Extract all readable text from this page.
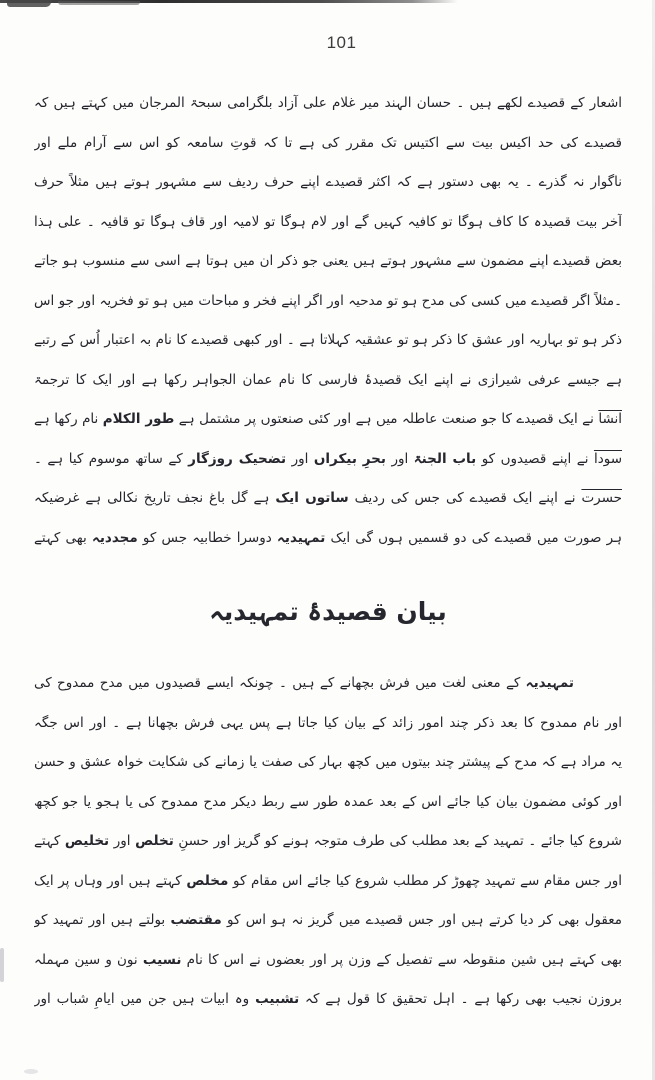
101
اشعار کے قصیدے لکھے ہیں ۔ حسان الہند میر غلام علی آزاد بلگرامی سبحۃ المرجان میں کہتے ہیں کہ
قصیدے کی حد اکیس بیت سے اکتیس تک مقرر کی ہے تا کہ قوتِ سامعہ کو اس سے آرام ملے اور
ناگوار نہ گذرے ۔ یہ بھی دستور ہے کہ اکثر قصیدے اپنے حرف ردیف سے مشہور ہوتے ہیں مثلاً حرف
آخر بیت قصیدہ کا کاف ہوگا تو کافیہ کہیں گے اور لام ہوگا تو لامیہ اور قاف ہوگا تو قافیہ ۔ علی ہذا
بعض قصیدے اپنے مضمون سے مشہور ہوتے ہیں یعنی جو ذکر ان میں ہوتا ہے اسی سے منسوب ہو جاتے
۔مثلاً اگر قصیدے میں کسی کی مدح ہو تو مدحیہ اور اگر اپنے فخر و مباحات میں ہو تو فخریہ اور جو اس
ذکر ہو تو بہاریہ اور عشق کا ذکر ہو تو عشقیہ کہلاتا ہے ۔ اور کبھی قصیدے کا نام بہ اعتبار اُس کے رتبے
ہے جیسے عرفی شیرازی نے اپنے ایک قصیدۂ فارسی کا نام عمان الجواہر رکھا ہے اور ایک کا ترجمۃ
انشا نے ایک قصیدے کا جو صنعت عاطلہ میں ہے اور کئی صنعتوں پر مشتمل ہے طور الکلام نام رکھا ہے
سودا نے اپنے قصیدوں کو باب الجنۃ اور بحرِ بیکراں اور تضحیک روزگار کے ساتھ موسوم کیا ہے ۔
حسرت نے اپنے ایک قصیدے کی جس کی ردیف ساتوں ایک ہے گل باغ نجف تاریخ نکالی ہے غرضیکہ
ہر صورت میں قصیدے کی دو قسمیں ہوں گی ایک تمہیدیہ دوسرا خطابیہ جس کو مجددیہ بھی کہتے
بیان قصیدۂ تمہیدیہ
تمہیدیہ کے معنی لغت میں فرش بچھانے کے ہیں ۔ چونکہ ایسے قصیدوں میں مدح ممدوح کی
اور نام ممدوح کا بعد ذکر چند امور زائد کے بیان کیا جاتا ہے پس یہی فرش بچھانا ہے ۔ اور اس جگہ
یہ مراد ہے کہ مدح کے پیشتر چند بیتوں میں کچھ بہار کی صفت یا زمانے کی شکایت خواہ عشق و حسن
اور کوئی مضمون بیان کیا جائے اس کے بعد عمدہ طور سے ربط دیکر مدح ممدوح کی یا ہجو یا جو کچھ
شروع کیا جائے ۔ تمہید کے بعد مطلب کی طرف متوجہ ہونے کو گریز اور حسنِ تخلص اور تخلیص کہتے
اور جس مقام سے تمہید چھوڑ کر مطلب شروع کیا جائے اس مقام کو مخلص کہتے ہیں اور وہاں پر ایک
معقول بھی کر دیا کرتے ہیں اور جس قصیدے میں گریز نہ ہو اس کو مقتضب بولتے ہیں اور تمہید کو
بھی کہتے ہیں شین منقوطہ سے تفصیل کے وزن پر اور بعضوں نے اس کا نام نسیب نون و سین مہملہ
بروزن نجیب بھی رکھا ہے ۔ اہل تحقیق کا قول ہے کہ تشبیب وہ ابیات ہیں جن میں ایامِ شباب اور
